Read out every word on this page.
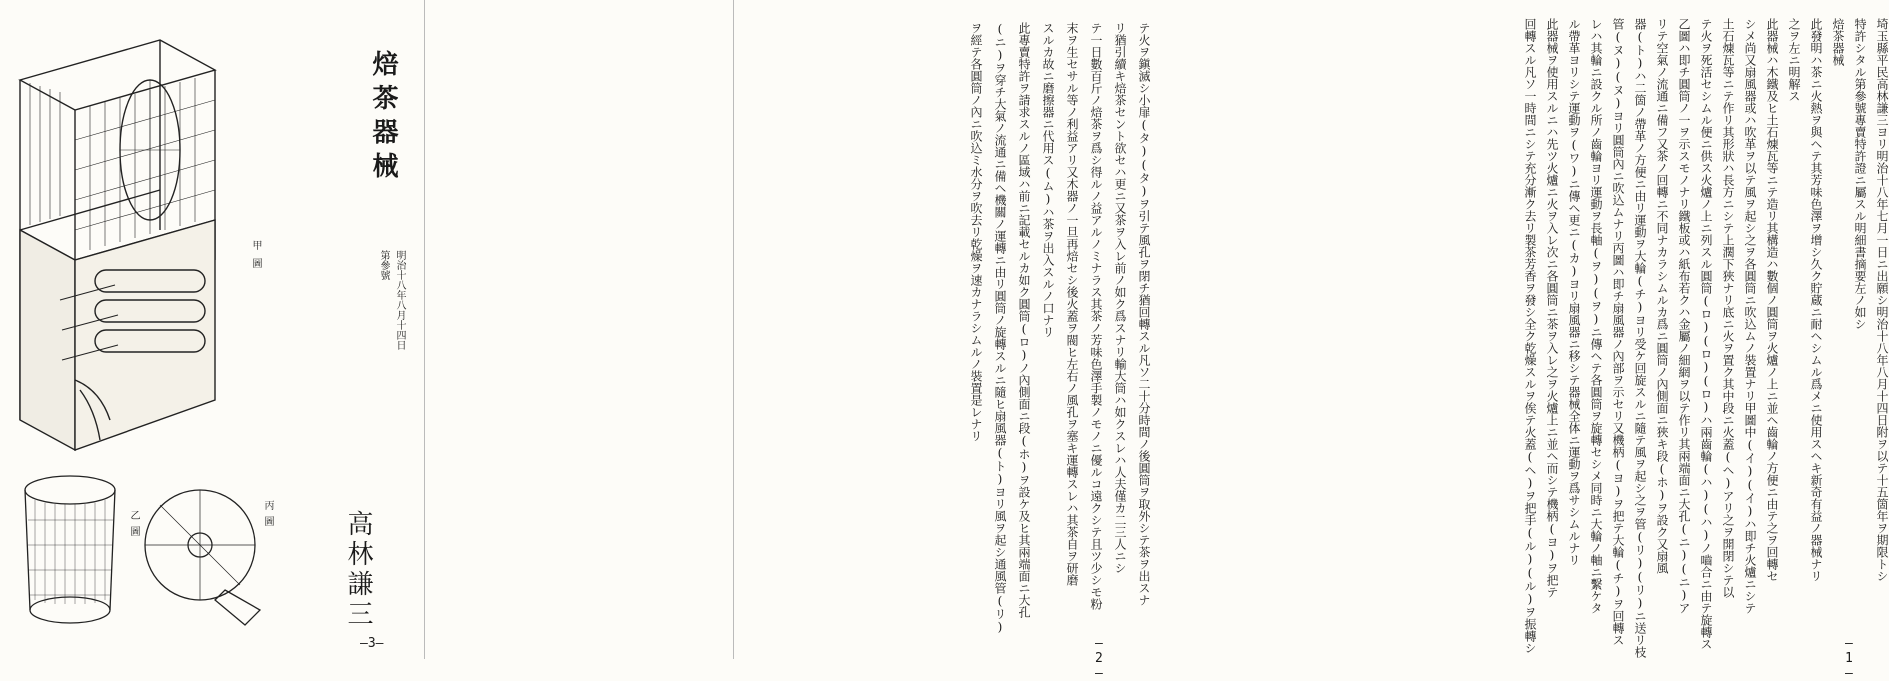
埼玉縣平民高林謙三ヨリ明治十八年七月一日ニ出願シ明治十八年八月十四日附ヲ以テ十五箇年ヲ期限トシ
特許シタル第參號專賣特許證ニ屬スル明細書摘要左ノ如シ
焙茶器械
此發明ハ茶ニ火熱ヲ與ヘテ其芳味色澤ヲ增シ久ク貯蔵ニ耐ヘシムル爲メニ使用スヘキ新奇有益ノ器械ナリ
之ヲ左ニ明解ス
此器械ハ木鐵及ヒ土石煉瓦等ニテ造リ其構造ハ數個ノ圓筒ヲ火爐ノ上ニ並ヘ齒輪ノ方便ニ由テ之ヲ回轉セ
シメ尚又扇風器或ハ吹革ヲ以テ風ヲ起シ之ヲ各圓筒ニ吹込ムノ裝置ナリ甲圖中(イ)(イ)ハ即チ火爐ニシテ
土石煉瓦等ニテ作リ其形狀ハ長方ニシテ上濶下狹ナリ底ニ火ヲ置ク其中段ニ火蓋(ヘ)アリ之ヲ開閉シテ以
テ火ヲ死活セシムル便ニ供ス火爐ノ上ニ列スル圓筒(ロ)(ロ)(ロ)ハ兩齒輪(ハ)(ハ)ノ嚙合ニ由テ旋轉ス
乙圖ハ即チ圓筒ノ一ヲ示スモノナリ鐵板或ハ紙布若クハ金屬ノ細網ヲ以テ作リ其兩端面ニ大孔(ニ)(ニ)ア
リテ空氣ノ流通ニ備フ又茶ノ回轉ニ不同ナカラシムルカ爲ニ圓筒ノ內側面ニ狹キ段(ホ)ヲ設ク又扇風
器(ト)ハ二箇ノ帶革ノ方便ニ由リ運動ヲ大輪(チ)ヨリ受ケ回旋スルニ隨テ風ヲ起シ之ヲ管(リ)(リ)ニ送リ枝
管(ヌ)(ヌ)ヨリ圓筒內ニ吹込ムナリ丙圖ハ即チ扇風器ノ內部ヲ示セリ又機柄(ヨ)ヲ把テ大輪(チ)ヲ回轉ス
レハ其輪ニ設クル所ノ齒輪ヨリ運動ヲ長軸(ヲ)(ヲ)ニ傳ヘテ各圓筒ヲ旋轉セシメ同時ニ大輪ノ軸ニ繫ケタ
ル帶革ヨリシテ運動ヲ(ワ)ニ傳ヘ更ニ(カ)ヨリ扇風器ニ移シテ器械全体ニ運動ヲ爲サシムルナリ
此器械ヲ使用スルニハ先ツ火爐ニ火ヲ入レ次ニ各圓筒ニ茶ヲ入レ之ヲ火爐上ニ並ヘ而シテ機柄(ヨ)ヲ把テ
回轉スル凡ソ一時間ニシテ充分漸ク去リ製茶芳香ヲ發シ全ク乾燥スルヲ俟テ火蓋(ヘ)ヲ把手(ル)(ル)ヲ振轉シ	—1—
テ火ヲ鎭滅シ小扉(タ)(タ)ヲ引テ風孔ヲ閉チ猶回轉スル凡ソ二十分時間ノ後圓筒ヲ取外シテ茶ヲ出スナ
リ猶引續キ焙茶セント欲セハ更ニ又茶ヲ入レ前ノ如ク爲スナリ輸大筒ハ如クスレハ人夫僅カ二三人ニシ
テ一日數百斤ノ焙茶ヲ爲シ得ルノ益アルノミナラス其茶ノ芳味色澤手製ノモノニ優ルコ遠クシテ且ツ少シモ粉
末ヲ生セサル等ノ利益アリ又木器ノ一旦再焙セシ後火蓋ヲ閥ヒ左右ノ風孔ヲ塞キ運轉スレハ其茶自ヲ研磨
スルカ故ニ磨擦器ニ代用ス(ム)ハ茶ヲ出入スルノ口ナリ
此專賣特許ヲ請求スルノ區域ハ前ニ記載セルカ如ク圓筒(ロ)ノ內側面ニ段(ホ)ヲ設ケ及ヒ其兩端面ニ大孔
(ニ)ヲ穿チ大氣ノ流通ニ備ヘ機關ノ運轉ニ由リ圓筒ノ旋轉スルニ隨ヒ扇風器(ト)ヨリ風ヲ起シ通風管(リ)
ヲ經テ各圓筒ノ內ニ吹込ミ水分ヲ吹去リ乾燥ヲ速カナラシムルノ裝置是レナリ
—2—
甲圖
乙圖	丙圖
焙茶器械
明治十八年八月十四日
第參號
高林謙三
—3—
